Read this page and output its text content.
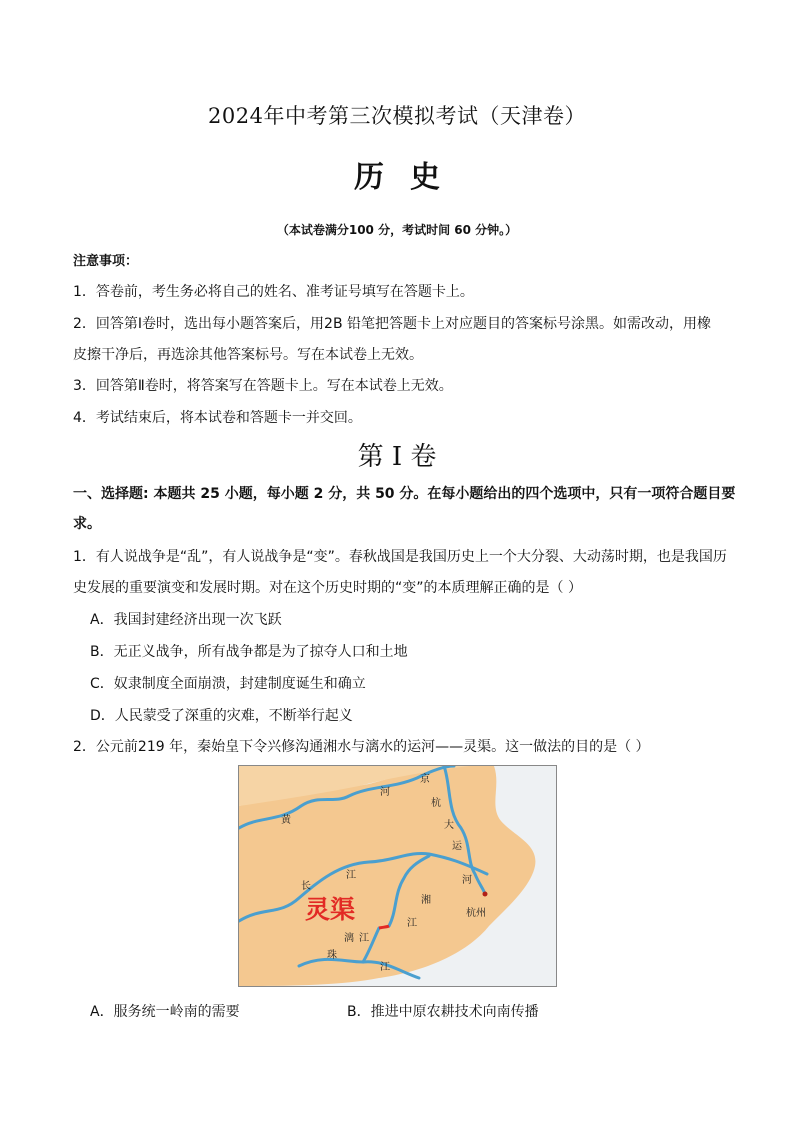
2024年中考第三次模拟考试（天津卷）
历史
（本试卷满分100 分，考试时间 60 分钟。）
注意事项：
1．答卷前，考生务必将自己的姓名、准考证号填写在答题卡上。
2．回答第Ⅰ卷时，选出每小题答案后，用2B 铅笔把答题卡上对应题目的答案标号涂黑。如需改动，用橡
皮擦干净后，再选涂其他答案标号。写在本试卷上无效。
3．回答第Ⅱ卷时，将答案写在答题卡上。写在本试卷上无效。
4．考试结束后，将本试卷和答题卡一并交回。
第 I 卷
一、选择题: 本题共 25 小题，每小题 2 分，共 50 分。在每小题给出的四个选项中，只有一项符合题目要
求。
1．有人说战争是“乱”，有人说战争是“变”。春秋战国是我国历史上一个大分裂、大动荡时期，也是我国历
史发展的重要演变和发展时期。对在这个历史时期的“变”的本质理解正确的是（ ）
A．我国封建经济出现一次飞跃
B．无正义战争，所有战争都是为了掠夺人口和土地
C．奴隶制度全面崩溃，封建制度诞生和确立
D．人民蒙受了深重的灾难，不断举行起义
2．公元前219 年，秦始皇下令兴修沟通湘水与漓水的运河——灵渠。这一做法的目的是（ ）
黄
河
京
杭
大
运
河
长
江
湘
江
漓 江
珠
江
杭州
灵渠
A．服务统一岭南的需要	B．推进中原农耕技术向南传播
